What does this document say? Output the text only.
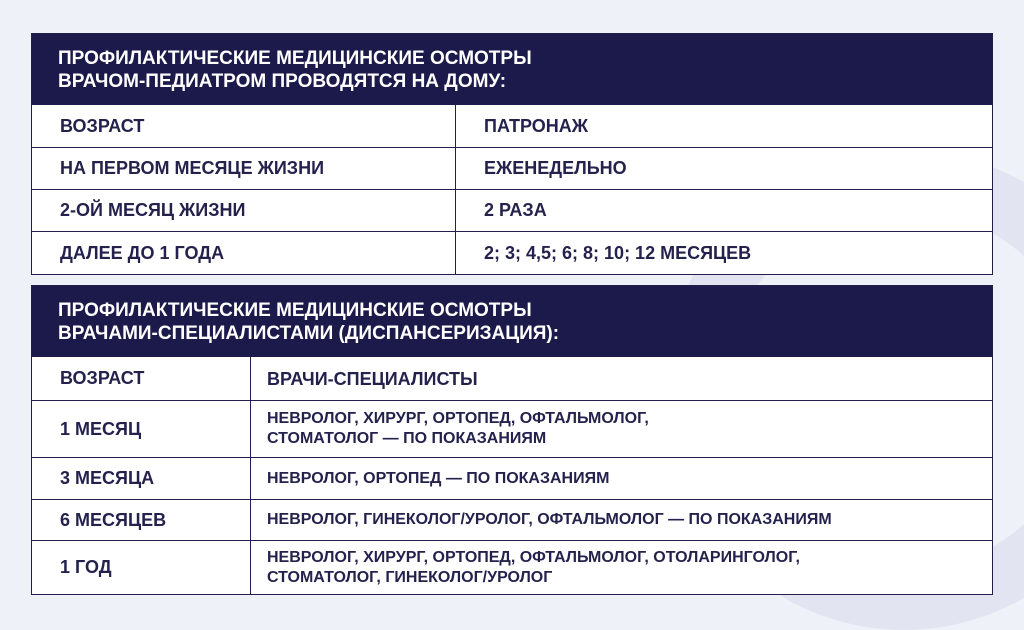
ПРОФИЛАКТИЧЕСКИЕ МЕДИЦИНСКИЕ ОСМОТРЫ
ВРАЧОМ-ПЕДИАТРОМ ПРОВОДЯТСЯ НА ДОМУ:
ВОЗРАСТ	ПАТРОНАЖ
НА ПЕРВОМ МЕСЯЦЕ ЖИЗНИ	ЕЖЕНЕДЕЛЬНО
2-ОЙ МЕСЯЦ ЖИЗНИ	2 РАЗА
ДАЛЕЕ ДО 1 ГОДА	2; 3; 4,5; 6; 8; 10; 12 МЕСЯЦЕВ
ПРОФИЛАКТИЧЕСКИЕ МЕДИЦИНСКИЕ ОСМОТРЫ
ВРАЧАМИ-СПЕЦИАЛИСТАМИ (ДИСПАНСЕРИЗАЦИЯ):
ВОЗРАСТ	ВРАЧИ-СПЕЦИАЛИСТЫ
1 МЕСЯЦ	НЕВРОЛОГ, ХИРУРГ, ОРТОПЕД, ОФТАЛЬМОЛОГ,
СТОМАТОЛОГ — ПО ПОКАЗАНИЯМ
3 МЕСЯЦА	НЕВРОЛОГ, ОРТОПЕД — ПО ПОКАЗАНИЯМ
6 МЕСЯЦЕВ	НЕВРОЛОГ, ГИНЕКОЛОГ/УРОЛОГ, ОФТАЛЬМОЛОГ — ПО ПОКАЗАНИЯМ
1 ГОД	НЕВРОЛОГ, ХИРУРГ, ОРТОПЕД, ОФТАЛЬМОЛОГ, ОТОЛАРИНГОЛОГ,
СТОМАТОЛОГ, ГИНЕКОЛОГ/УРОЛОГ
